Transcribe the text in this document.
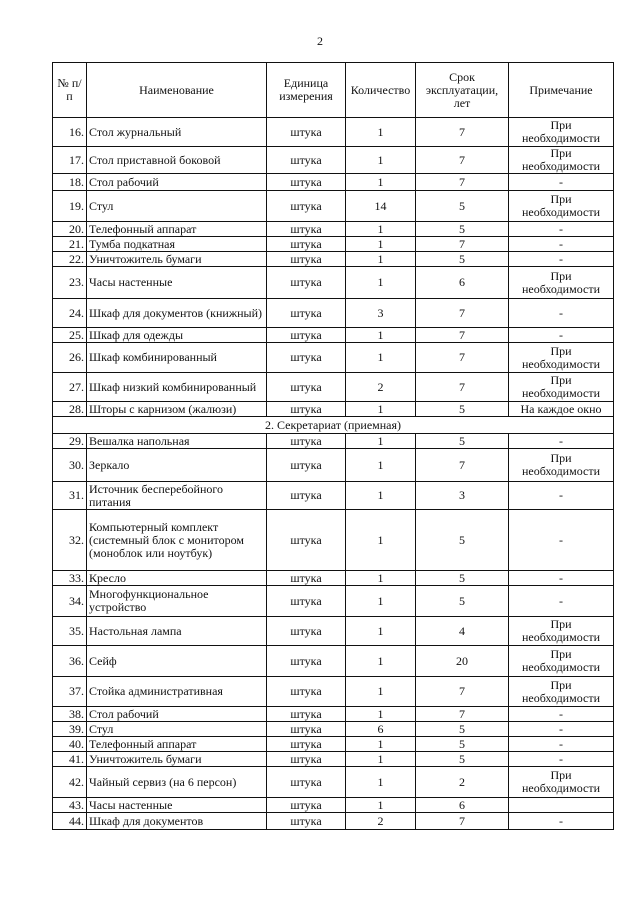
2
№ п/п	Наименование	Единица измерения	Количество	Срок эксплуатации, лет	Примечание
16.	Стол журнальный	штука	1	7	При необходимости
17.	Стол приставной боковой	штука	1	7	При необходимости
18.	Стол рабочий	штука	1	7	-
19.	Стул	штука	14	5	При необходимости
20.	Телефонный аппарат	штука	1	5	-
21.	Тумба подкатная	штука	1	7	-
22.	Уничтожитель бумаги	штука	1	5	-
23.	Часы настенные	штука	1	6	При необходимости
24.	Шкаф для документов (книжный)	штука	3	7	-
25.	Шкаф для одежды	штука	1	7	-
26.	Шкаф комбинированный	штука	1	7	При необходимости
27.	Шкаф низкий комбинированный	штука	2	7	При необходимости
28.	Шторы с карнизом (жалюзи)	штука	1	5	На каждое окно
2. Секретариат (приемная)					
29.	Вешалка напольная	штука	1	5	-
30.	Зеркало	штука	1	7	При необходимости
31.	Источник бесперебойного питания	штука	1	3	-
32.	Компьютерный комплект (системный блок с монитором (моноблок или ноутбук)	штука	1	5	-
33.	Кресло	штука	1	5	-
34.	Многофункциональное устройство	штука	1	5	-
35.	Настольная лампа	штука	1	4	При необходимости
36.	Сейф	штука	1	20	При необходимости
37.	Стойка административная	штука	1	7	При необходимости
38.	Стол рабочий	штука	1	7	-
39.	Стул	штука	6	5	-
40.	Телефонный аппарат	штука	1	5	-
41.	Уничтожитель бумаги	штука	1	5	-
42.	Чайный сервиз (на 6 персон)	штука	1	2	При необходимости
43.	Часы настенные	штука	1	6	
44.	Шкаф для документов	штука	2	7	-
